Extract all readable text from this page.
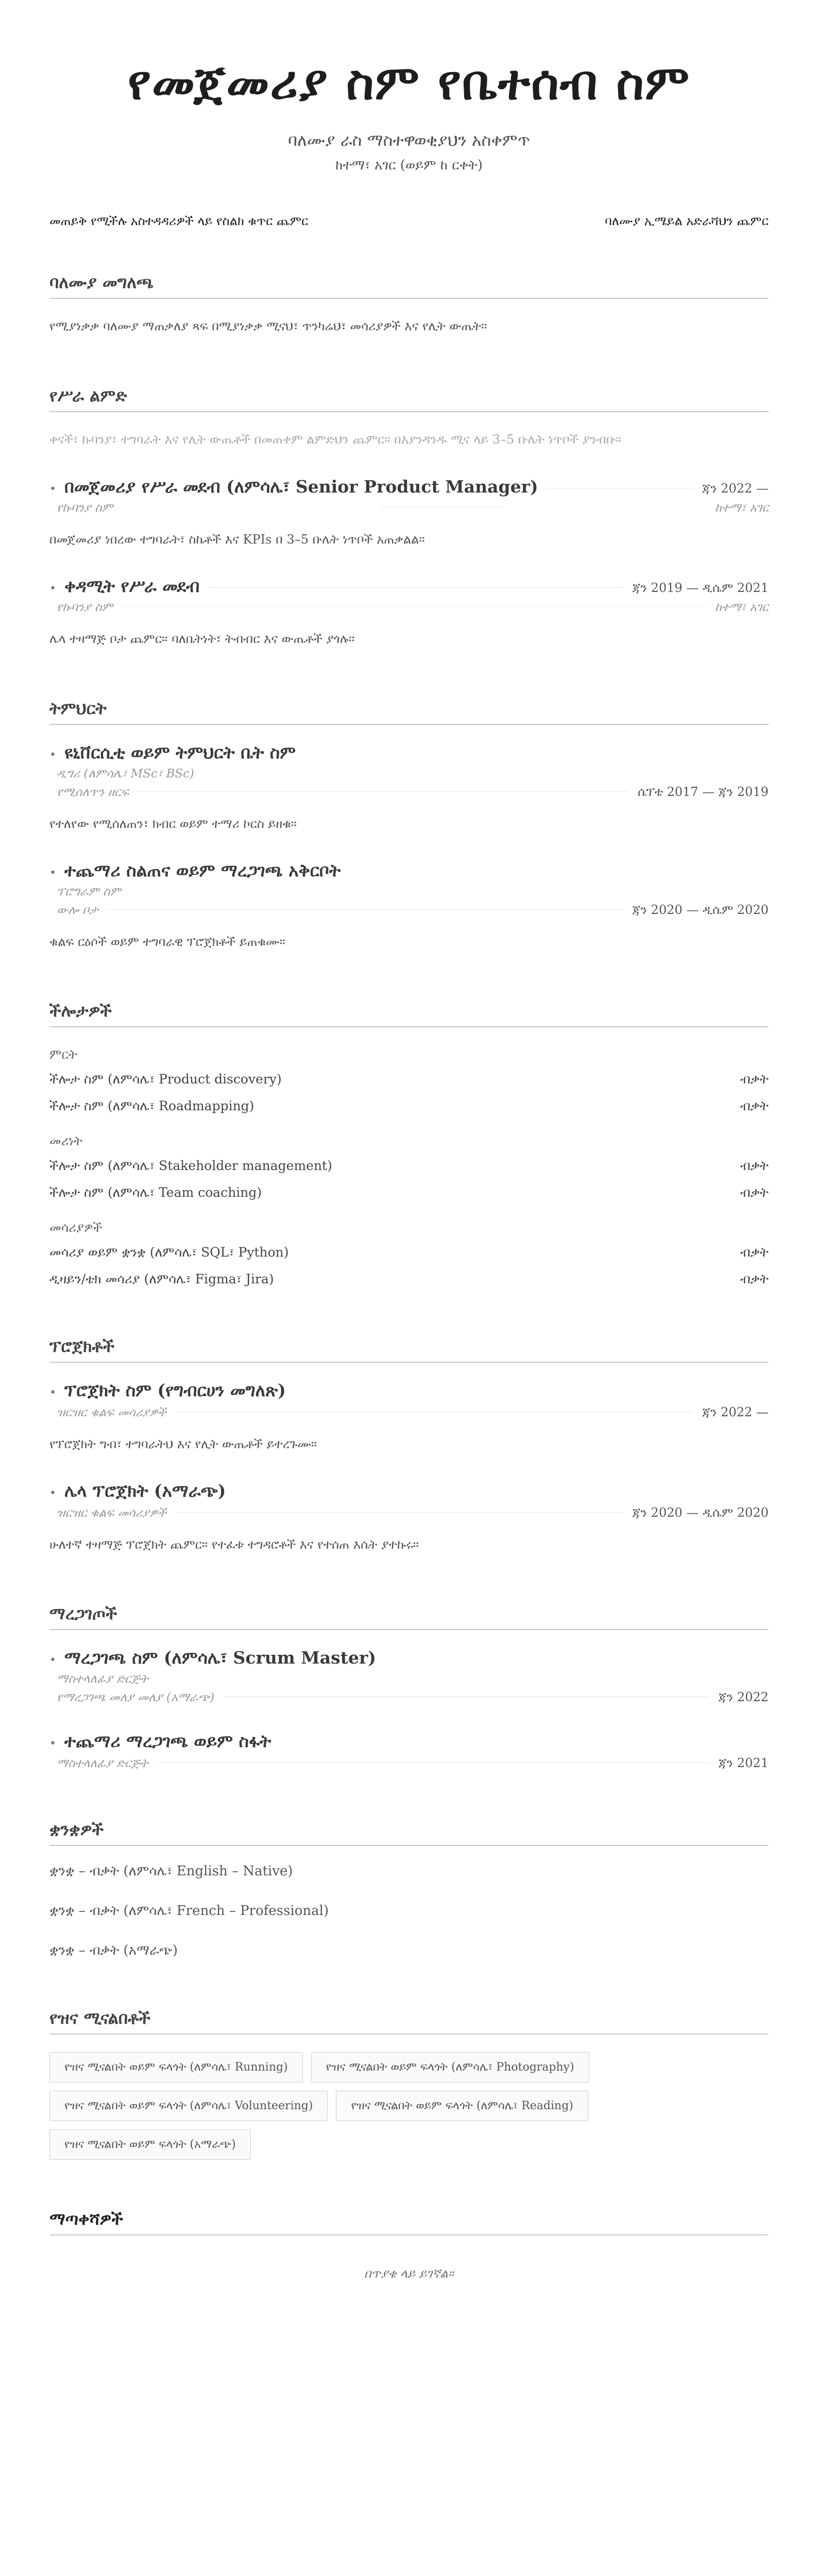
የመጀመሪያ ስም የቤተሰብ ስም
ባለሙያ ራስ ማስተዋወቂያህን አስቀምጥ
ከተማ፣ አገር (ወይም ከ ርቀት)
መጠይቅ የሚችሉ አስተዳዳሪዎች ላይ የስልክ ቁጥር ጨምር	ባለሙያ ኢሜይል አድራሻህን ጨምር
ባለሙያ መግለጫ
የሚያነቃቃ ባለሙያ ማጠቃለያ ጻፍ በሚያነቃቃ ሚናህ፣ ጥንካሬህ፣ መሳሪያዎች እና የሊት ውጤት፡፡
የሥራ ልምድ
ቀናች፣ ኩባንያ፣ ተግባራት እና የሊት ውጤቶች በመጠቀም ልምድህን ጨምር፡፡ በእያንዳንዱ ሚና ላይ 3–5 ቡሌት ነጥቦች ያንብቡ፡፡
• በመጀመሪያ የሥራ መደብ (ለምሳሌ፣ Senior Product Manager)	ጃን 2022 —
የኩባንያ ስም	ከተማ፣ አገር
በመጀመሪያ ነበረው ተግባራት፣ ስኬቶች እና KPIs በ 3–5 ቡሌት ነጥቦች አጠቃልል፡፡
• ቀዳሚት የሥራ መደብ	ጃን 2019 — ዲሴም 2021
የኩባንያ ስም	ከተማ፣ አገር
ሌላ ተዛማጅ ቦታ ጨምር፡፡ ባለቤትነት፣ ትብብር እና ውጤቶች ያጎሉ፡፡
ትምህርት
• ዩኒቨርሲቲ ወይም ትምህርት ቤት ስም
ዲግሪ (ለምሳሌ፣ MSc፣ BSc)
የሚሰለጥን ዘርፍ	ሴፕቴ 2017 — ጃን 2019
የተለየው የሚሰለጠን፣ ክብር ወይም ተማሪ ኮርስ ይዘቁ፡፡
• ተጨማሪ ስልጠና ወይም ማረጋገጫ አቅርቦት
ፕሮግራም ስም
ውሎ ቦታ	ጃን 2020 — ዲሴም 2020
ቁልፍ ርዕሶች ወይም ተግባራዊ ፕሮጀክቶች ይጠቁሙ፡፡
ችሎታዎች
ምርት
ችሎታ ስም (ለምሳሌ፣ Product discovery)	ብቃት
ችሎታ ስም (ለምሳሌ፣ Roadmapping)	ብቃት
መሪነት
ችሎታ ስም (ለምሳሌ፣ Stakeholder management)	ብቃት
ችሎታ ስም (ለምሳሌ፣ Team coaching)	ብቃት
መሳሪያዎች
መሳሪያ ወይም ቋንቋ (ለምሳሌ፣ SQL፣ Python)	ብቃት
ዲዛይን/ቴክ መሳሪያ (ለምሳሌ፣ Figma፣ Jira)	ብቃት
ፕሮጀክቶች
• ፕሮጀክት ስም (የግብርሀን መግለጽ)
ዝርዝር ቁልፍ መሳሪያዎች	ጃን 2022 —
የፕሮጀክት ግብ፣ ተግባራትህ እና የሊት ውጤቶች ይተረጉሙ፡፡
• ሌላ ፕሮጀክት (አማራጭ)
ዝርዝር ቁልፍ መሳሪያዎች	ጃን 2020 — ዲሴም 2020
ሁለተኛ ተዛማጅ ፕሮጀክት ጨምር፡፡ የተፈቱ ተግዳሮቶች እና የተሰጠ እሴት ያተኩሩ፡፡
ማረጋገጦች
• ማረጋገጫ ስም (ለምሳሌ፣ Scrum Master)
ማስተላለፊያ ድርጅት
የማረጋገጫ መለያ መለያ (አማራጭ)	ጃን 2022
• ተጨማሪ ማረጋገጫ ወይም ስፋት
ማስተላለፊያ ድርጅት	ጃን 2021
ቋንቋዎች
ቋንቋ – ብቃት (ለምሳሌ፣ English – Native)
ቋንቋ – ብቃት (ለምሳሌ፣ French – Professional)
ቋንቋ – ብቃት (አማራጭ)
የዝና ሚናልበቶች
የዝና ሚናልበት ወይም ፍላጎት (ለምሳሌ፣ Running)	የዝና ሚናልበት ወይም ፍላጎት (ለምሳሌ፣ Photography)
የዝና ሚናልበት ወይም ፍላጎት (ለምሳሌ፣ Volunteering)	የዝና ሚናልበት ወይም ፍላጎት (ለምሳሌ፣ Reading)
የዝና ሚናልበት ወይም ፍላጎት (አማራጭ)
ማጣቀሻዎች
በጥያቄ ላይ ይገኛል፡፡
